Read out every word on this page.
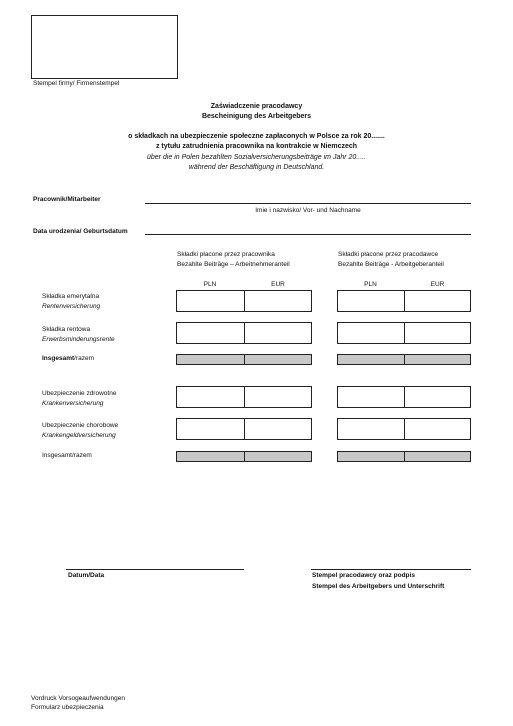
Stempel firmy/ Firmenstempel
Zaświadczenie pracodawcy
Bescheinigung des Arbeitgebers
o składkach na ubezpieczenie społeczne zapłaconych w Polsce za rok 20.......
z tytułu zatrudnienia pracownika na kontrakcie w Niemczech
über die in Polen bezahlten Sozialversicherungsbeiträge im Jahr 20.....
während der Beschäftigung in Deutschland.
Pracownik/Mitarbeiter
Imie i nazwisko/ Vor- und Nachname
Data urodzenia/ Geburtsdatum
Składki płacone przez pracownika
Bezahlte Beiträge – Arbeitnehmeranteil
Składki płacone przez pracodawce
Bezahlte Beiträge - Arbeitgeberanteil
PLN	EUR	PLN	EUR
Składka emerytalna
Rentenversicherung
Składka rentowa
Erwerbsminderungsrente
Insgesamt/razem
Ubezpieczenie zdrowotne
Krankenversicherung
Ubezpieczenie chorobowe
Krankengeldversicherung
Insgesamt/razem
Datum/Data	Stempel pracodawcy oraz podpis
Stempel des Arbeitgebers und Unterschrift
Vordruck Vorsogeaufwendungen
Formularz ubezpieczenia
